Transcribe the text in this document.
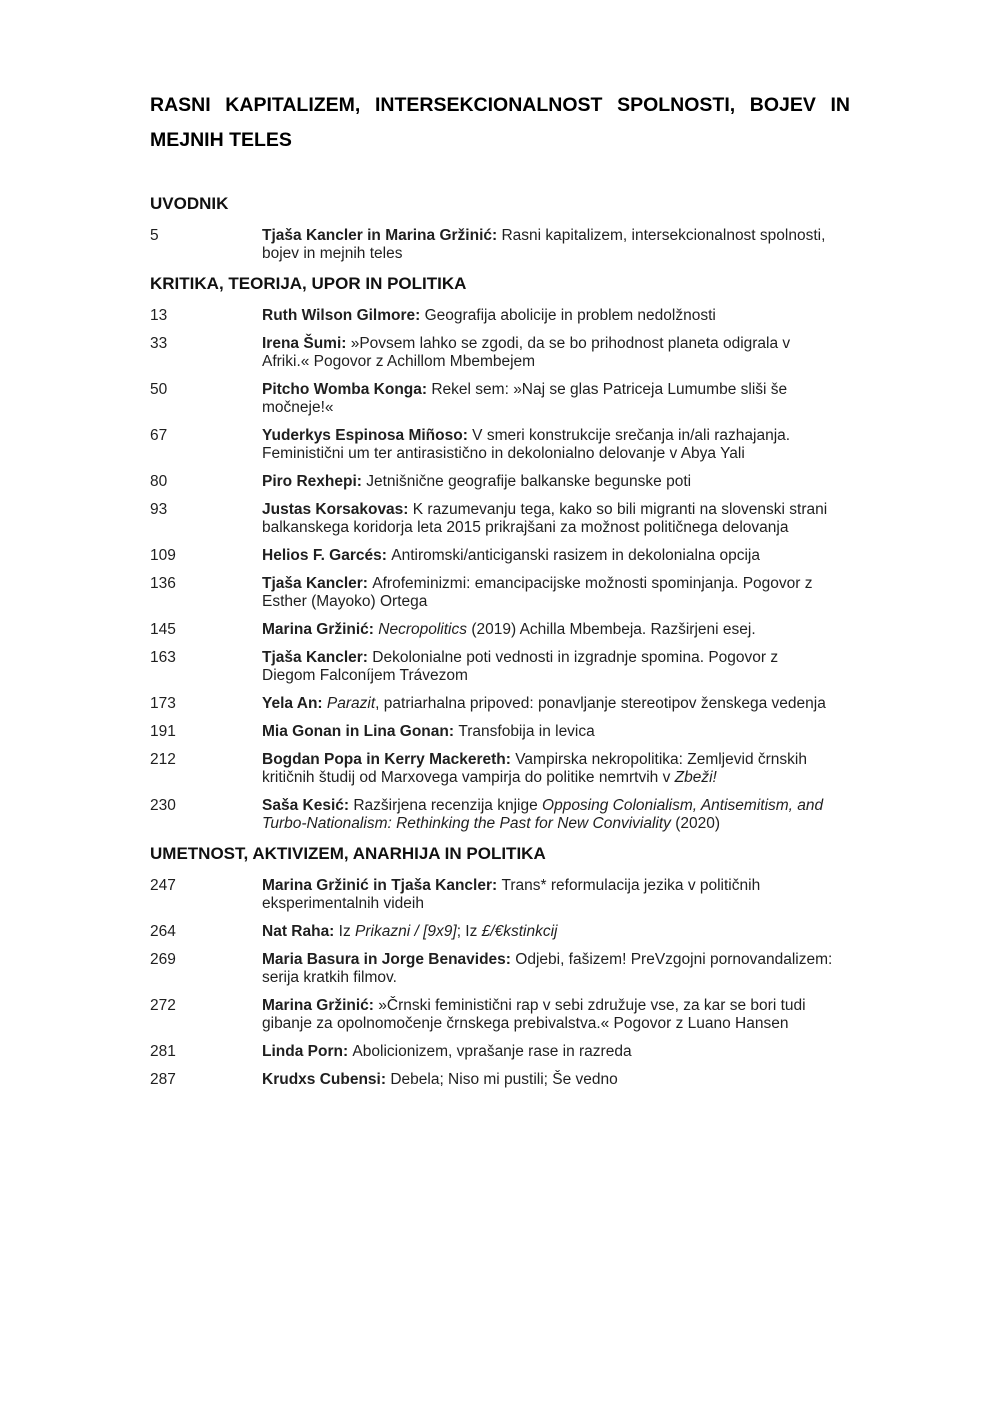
RASNI KAPITALIZEM, INTERSEKCIONALNOST SPOLNOSTI, BOJEV IN
MEJNIH TELES
UVODNIK
5	Tjaša Kancler in Marina Gržinić: Rasni kapitalizem, intersekcionalnost spolnosti, bojev in mejnih teles
KRITIKA, TEORIJA, UPOR IN POLITIKA
13	Ruth Wilson Gilmore: Geografija abolicije in problem nedolžnosti
33	Irena Šumi: »Povsem lahko se zgodi, da se bo prihodnost planeta odigrala v Afriki.« Pogovor z Achillom Mbembejem
50	Pitcho Womba Konga: Rekel sem: »Naj se glas Patriceja Lumumbe sliši še močneje!«
67	Yuderkys Espinosa Miñoso: V smeri konstrukcije srečanja in/ali razhajanja. Feministični um ter antirasistično in dekolonialno delovanje v Abya Yali
80	Piro Rexhepi: Jetnišnične geografije balkanske begunske poti
93	Justas Korsakovas: K razumevanju tega, kako so bili migranti na slovenski strani balkanskega koridorja leta 2015 prikrajšani za možnost političnega delovanja
109	Helios F. Garcés: Antiromski/anticiganski rasizem in dekolonialna opcija
136	Tjaša Kancler: Afrofeminizmi: emancipacijske možnosti spominjanja. Pogovor z Esther (Mayoko) Ortega
145	Marina Gržinić: Necropolitics (2019) Achilla Mbembeja. Razširjeni esej.
163	Tjaša Kancler: Dekolonialne poti vednosti in izgradnje spomina. Pogovor z Diegom Falconíjem Trávezom
173	Yela An: Parazit, patriarhalna pripoved: ponavljanje stereotipov ženskega vedenja
191	Mia Gonan in Lina Gonan: Transfobija in levica
212	Bogdan Popa in Kerry Mackereth: Vampirska nekropolitika: Zemljevid črnskih kritičnih študij od Marxovega vampirja do politike nemrtvih v Zbeži!
230	Saša Kesić: Razširjena recenzija knjige Opposing Colonialism, Antisemitism, and Turbo-Nationalism: Rethinking the Past for New Conviviality (2020)
UMETNOST, AKTIVIZEM, ANARHIJA IN POLITIKA
247	Marina Gržinić in Tjaša Kancler: Trans* reformulacija jezika v političnih eksperimentalnih videih
264	Nat Raha: Iz Prikazni / [9x9]; Iz £/€kstinkcij
269	Maria Basura in Jorge Benavides: Odjebi, fašizem! PreVzgojni pornovandalizem: serija kratkih filmov.
272	Marina Gržinić: »Črnski feministični rap v sebi združuje vse, za kar se bori tudi gibanje za opolnomočenje črnskega prebivalstva.« Pogovor z Luano Hansen
281	Linda Porn: Abolicionizem, vprašanje rase in razreda
287	Krudxs Cubensi: Debela; Niso mi pustili; Še vedno
